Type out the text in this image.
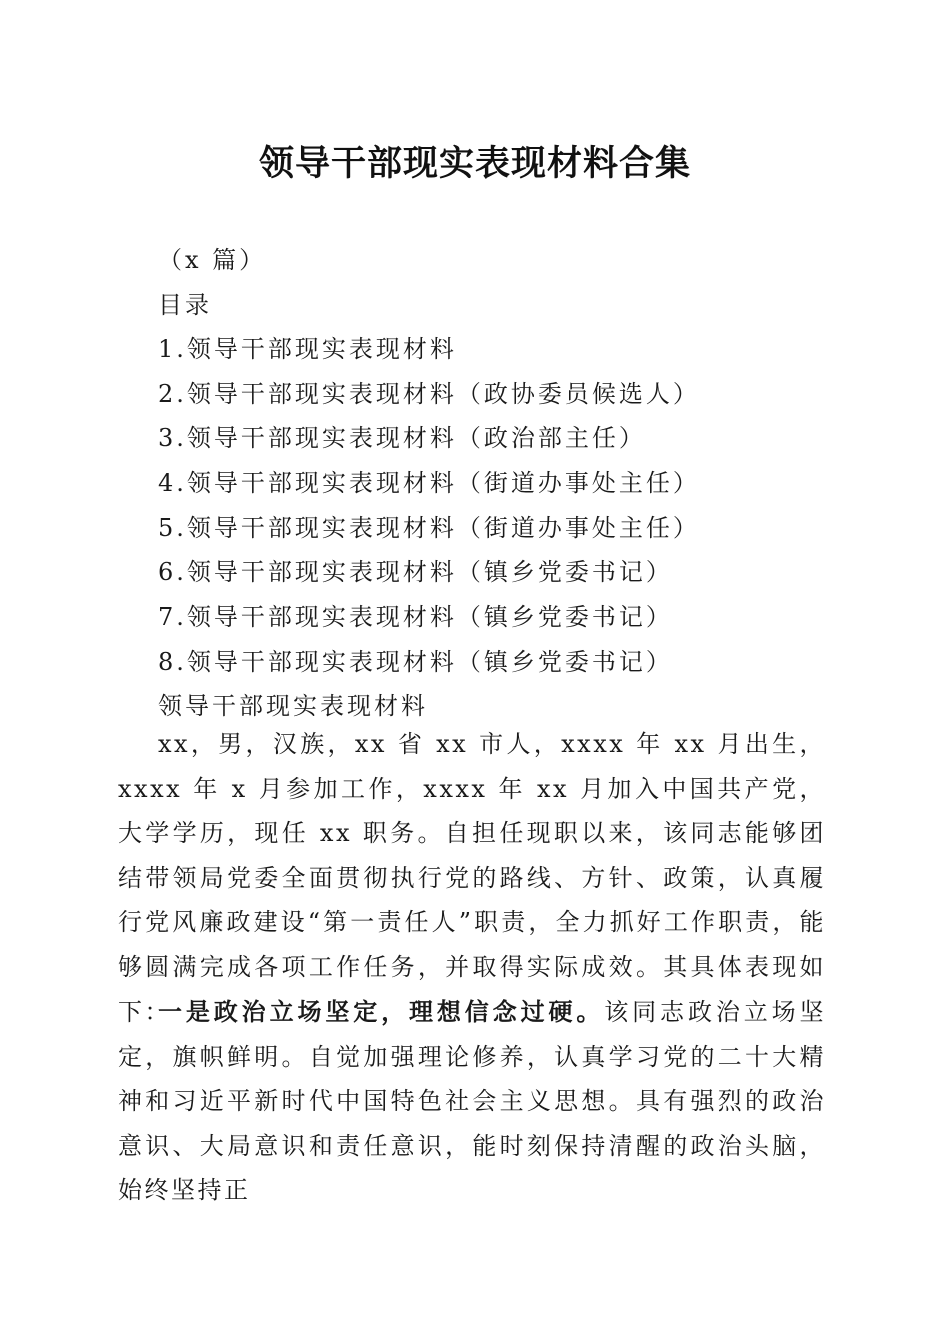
领导干部现实表现材料合集
（x 篇）
目录
1.领导干部现实表现材料
2.领导干部现实表现材料（政协委员候选人）
3.领导干部现实表现材料（政治部主任）
4.领导干部现实表现材料（街道办事处主任）
5.领导干部现实表现材料（街道办事处主任）
6.领导干部现实表现材料（镇乡党委书记）
7.领导干部现实表现材料（镇乡党委书记）
8.领导干部现实表现材料（镇乡党委书记）
领导干部现实表现材料
xx，男，汉族，xx 省 xx 市人，xxxx 年 xx 月出生，xxxx 年 x 月参加工作，xxxx 年 xx 月加入中国共产党，大学学历，现任 xx 职务。自担任现职以来，该同志能够团结带领局党委全面贯彻执行党的路线、方针、政策，认真履行党风廉政建设“第一责任人”职责，全力抓好工作职责，能够圆满完成各项工作任务，并取得实际成效。其具体表现如下：
一是政治立场坚定，理想信念过硬。该同志政治立场坚定，旗帜鲜明。自觉加强理论修养，认真学习党的二十大精神和习近平新时代中国特色社会主义思想。具有强烈的政治意识、大局意识和责任意识，能时刻保持清醒的政治头脑，始终坚持正
